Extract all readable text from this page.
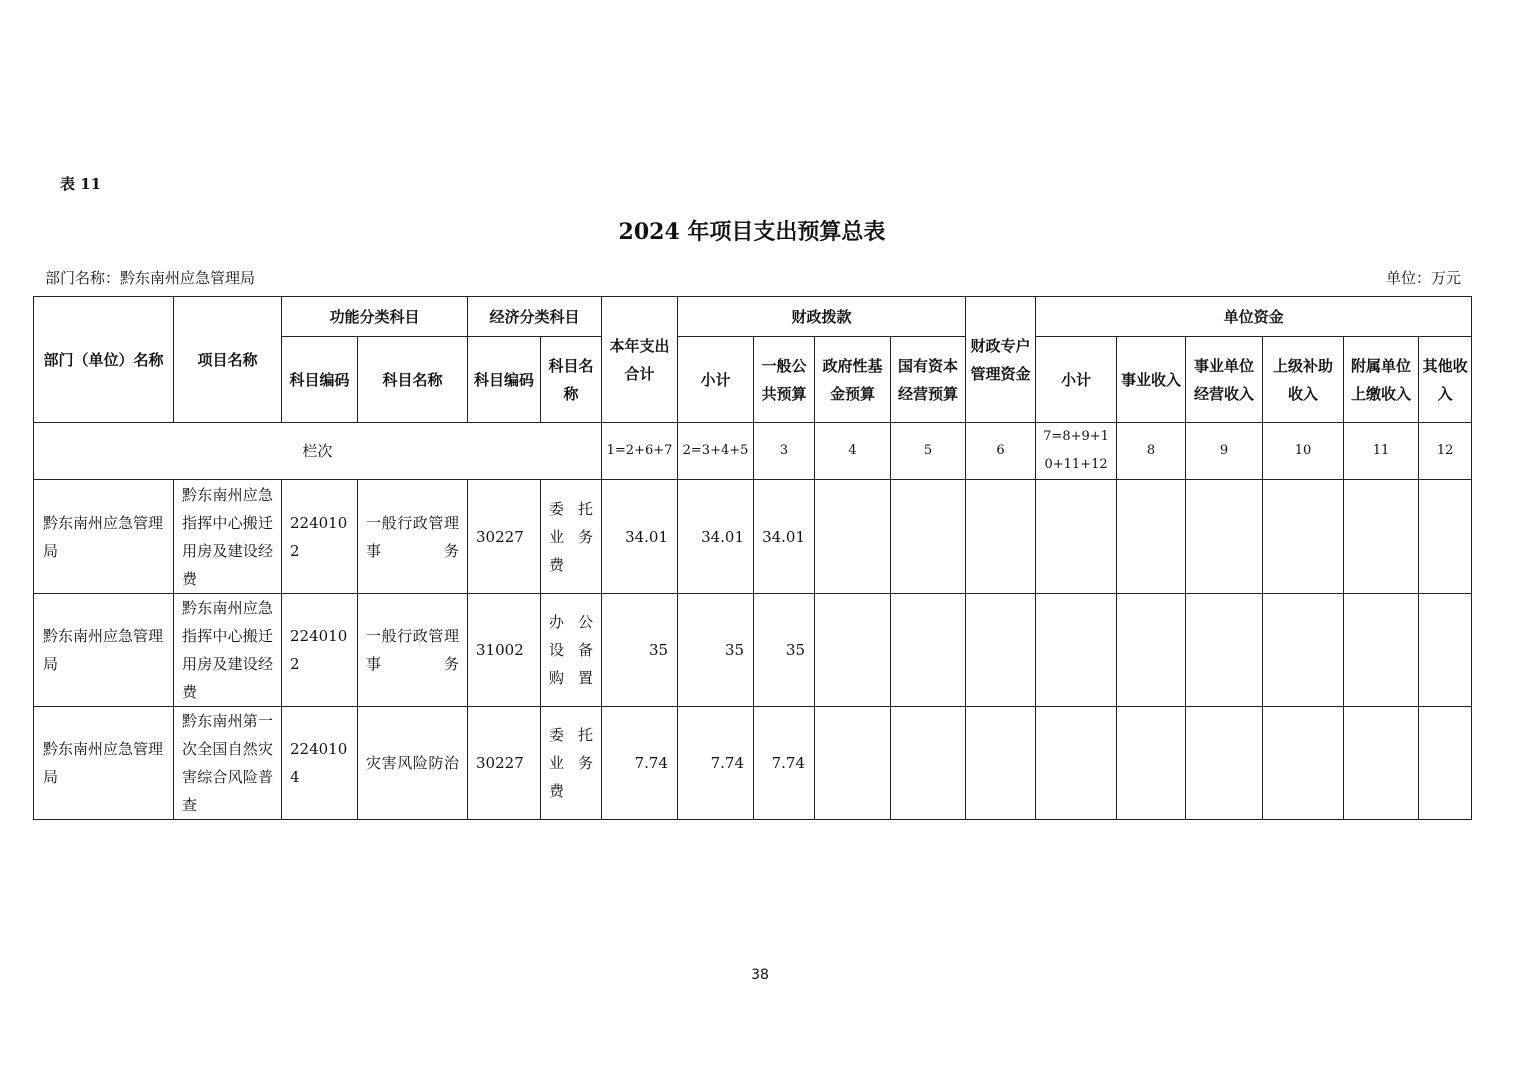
表 11
2024 年项目支出预算总表
部门名称：黔东南州应急管理局	单位：万元
部门（单位）名称	项目名称	功能分类科目		经济分类科目		本年支出合计	财政拨款				财政专户管理资金	单位资金					
		科目编码	科目名称	科目编码	科目名称		小计	一般公共预算	政府性基金预算	国有资本经营预算		小计	事业收入	事业单位经营收入	上级补助收入	附属单位上缴收入	其他收入
栏次						1=2+6+7	2=3+4+5	3	4	5	6	7=8+9+10+11+12	8	9	10	11	12
黔东南州应急管理局	黔东南州应急指挥中心搬迁用房及建设经费	2240102	一般行政管理事务	30227	委托业务费	34.01	34.01	34.01									
黔东南州应急管理局	黔东南州应急指挥中心搬迁用房及建设经费	2240102	一般行政管理事务	31002	办公设备购置	35	35	35									
黔东南州应急管理局	黔东南州第一次全国自然灾害综合风险普查	2240104	灾害风险防治	30227	委托业务费	7.74	7.74	7.74									
38
